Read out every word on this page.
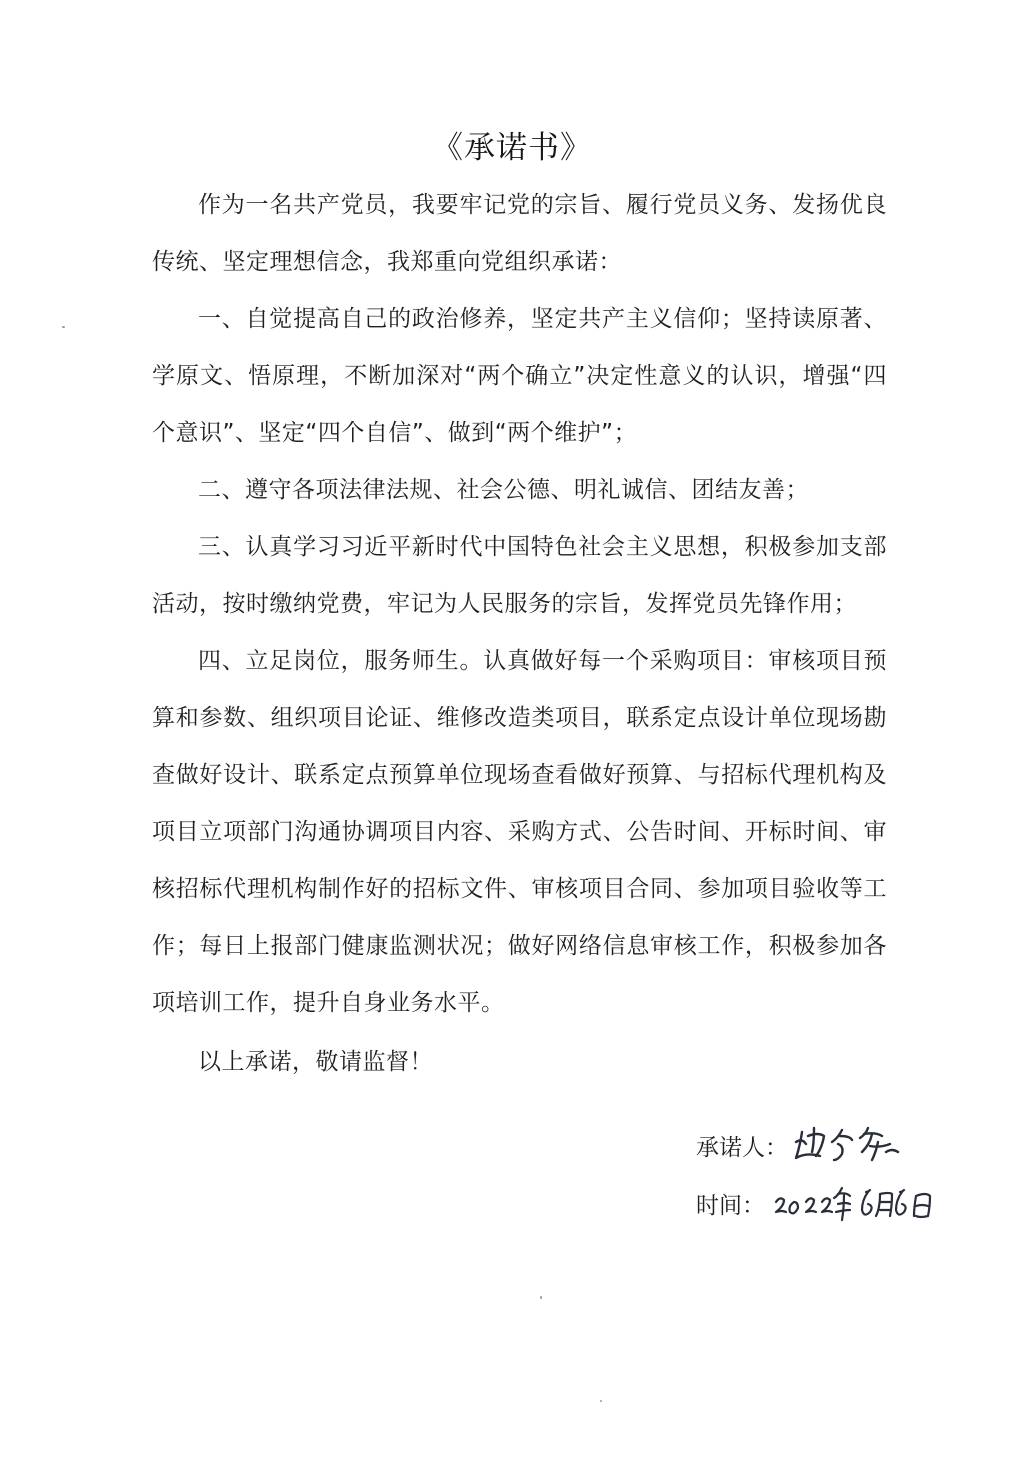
《承诺书》

作为一名共产党员，我要牢记党的宗旨、履行党员义务、发扬优良传统、坚定理想信念，我郑重向党组织承诺：

一、自觉提高自己的政治修养，坚定共产主义信仰；坚持读原著、学原文、悟原理，不断加深对“两个确立”决定性意义的认识，增强“四个意识”、坚定“四个自信”、做到“两个维护”；

二、遵守各项法律法规、社会公德、明礼诚信、团结友善；

三、认真学习习近平新时代中国特色社会主义思想，积极参加支部活动，按时缴纳党费，牢记为人民服务的宗旨，发挥党员先锋作用；

四、立足岗位，服务师生。认真做好每一个采购项目：审核项目预算和参数、组织项目论证、维修改造类项目，联系定点设计单位现场勘查做好设计、联系定点预算单位现场查看做好预算、与招标代理机构及项目立项部门沟通协调项目内容、采购方式、公告时间、开标时间、审核招标代理机构制作好的招标文件、审核项目合同、参加项目验收等工作；每日上报部门健康监测状况；做好网络信息审核工作，积极参加各项培训工作，提升自身业务水平。

以上承诺，敬请监督！

承诺人：
时间：
